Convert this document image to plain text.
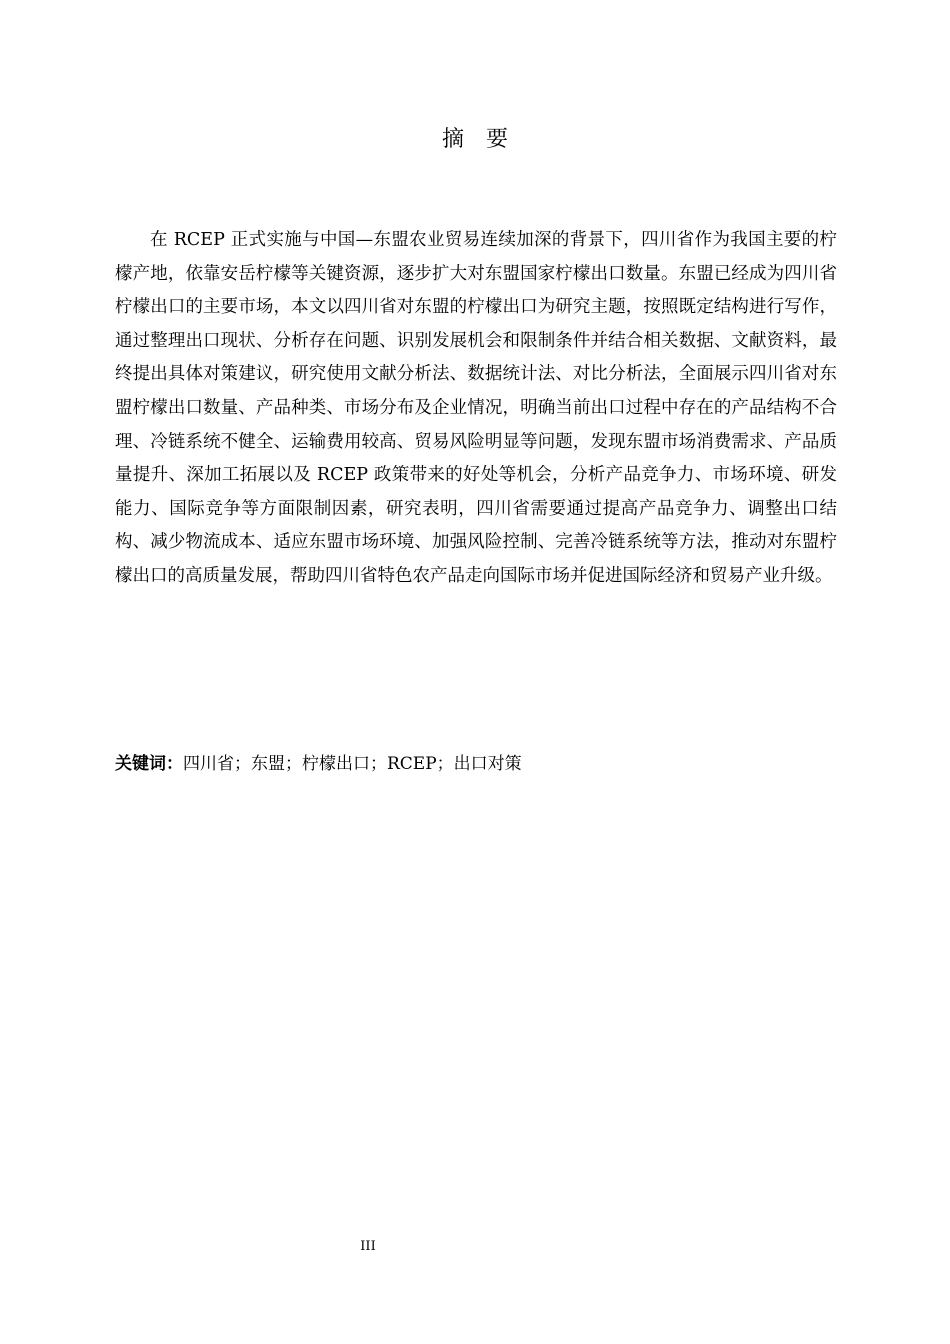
摘要

在 RCEP 正式实施与中国—东盟农业贸易连续加深的背景下，四川省作为我国主要的柠檬产地，依靠安岳柠檬等关键资源，逐步扩大对东盟国家柠檬出口数量。东盟已经成为四川省柠檬出口的主要市场，本文以四川省对东盟的柠檬出口为研究主题，按照既定结构进行写作，通过整理出口现状、分析存在问题、识别发展机会和限制条件并结合相关数据、文献资料，最终提出具体对策建议，研究使用文献分析法、数据统计法、对比分析法，全面展示四川省对东盟柠檬出口数量、产品种类、市场分布及企业情况，明确当前出口过程中存在的产品结构不合理、冷链系统不健全、运输费用较高、贸易风险明显等问题，发现东盟市场消费需求、产品质量提升、深加工拓展以及 RCEP 政策带来的好处等机会，分析产品竞争力、市场环境、研发能力、国际竞争等方面限制因素，研究表明，四川省需要通过提高产品竞争力、调整出口结构、减少物流成本、适应东盟市场环境、加强风险控制、完善冷链系统等方法，推动对东盟柠檬出口的高质量发展，帮助四川省特色农产品走向国际市场并促进国际经济和贸易产业升级。

关键词：四川省；东盟；柠檬出口；RCEP；出口对策

III
